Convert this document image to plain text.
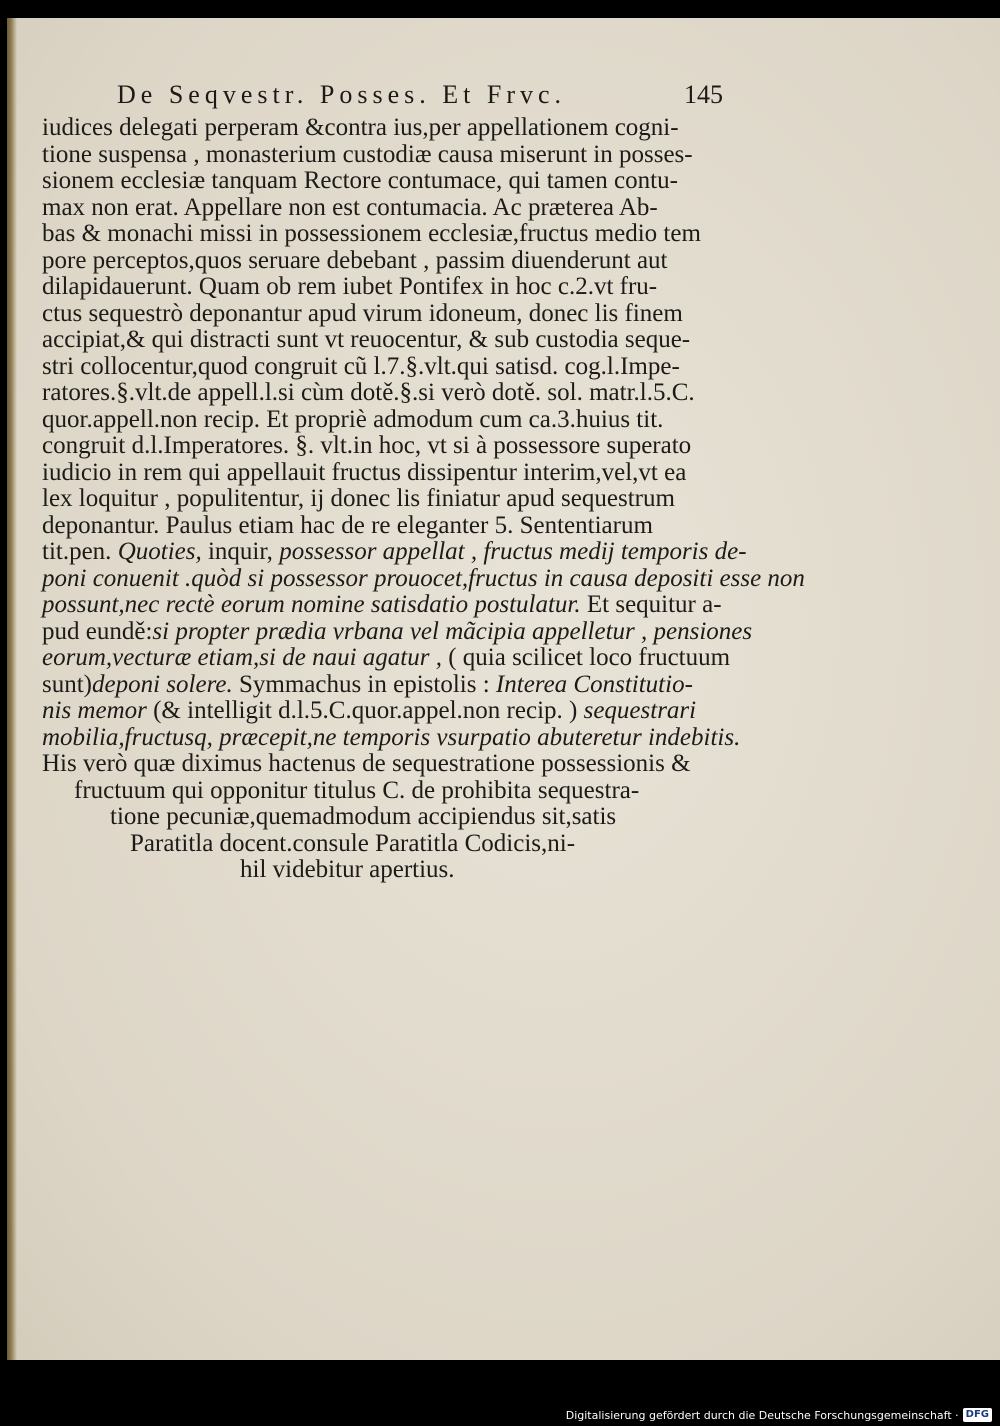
De Seqvestr. Posses. Et Frvc.	145
iudices delegati perperam &contra ius,per appellationem cogni-
tione suspensa , monasterium custodiæ causa miserunt in posses-
sionem ecclesiæ tanquam Rectore contumace, qui tamen contu-
max non erat. Appellare non est contumacia. Ac præterea Ab-
bas & monachi missi in possessionem ecclesiæ,fructus medio tem
pore perceptos,quos seruare debebant , passim diuenderunt aut
dilapidauerunt. Quam ob rem iubet Pontifex in hoc c.2.vt fru-
ctus sequestrò deponantur apud virum idoneum, donec lis finem
accipiat,& qui distracti sunt vt reuocentur, & sub custodia seque-
stri collocentur,quod congruit cũ l.7.§.vlt.qui satisd. cog.l.Impe-
ratores.§.vlt.de appell.l.si cùm dotě.§.si verò dotě. sol. matr.l.5.C.
quor.appell.non recip. Et propriè admodum cum ca.3.huius tit.
congruit d.l.Imperatores. §. vlt.in hoc, vt si à possessore superato
iudicio in rem qui appellauit fructus dissipentur interim,vel,vt ea
lex loquitur , populitentur, ij donec lis finiatur apud sequestrum
deponantur. Paulus etiam hac de re eleganter 5. Sententiarum
tit.pen. Quoties, inquir, possessor appellat , fructus medij temporis de-
poni conuenit .quòd si possessor prouocet,fructus in causa depositi esse non
possunt,nec rectè eorum nomine satisdatio postulatur. Et sequitur a-
pud eundě:si propter prædia vrbana vel mãcipia appelletur , pensiones
eorum,vecturæ etiam,si de naui agatur , ( quia scilicet loco fructuum
sunt)deponi solere. Symmachus in epistolis : Interea Constitutio-
nis memor (& intelligit d.l.5.C.quor.appel.non recip. ) sequestrari
mobilia,fructusq, præcepit,ne temporis vsurpatio abuteretur indebitis.
His verò quæ diximus hactenus de sequestratione possessionis &
fructuum qui opponitur titulus C. de prohibita sequestra-
tione pecuniæ,quemadmodum accipiendus sit,satis
Paratitla docent.consule Paratitla Codicis,ni-
hil videbitur apertius.
Digitalisierung gefördert durch die Deutsche Forschungsgemeinschaft · DFG
